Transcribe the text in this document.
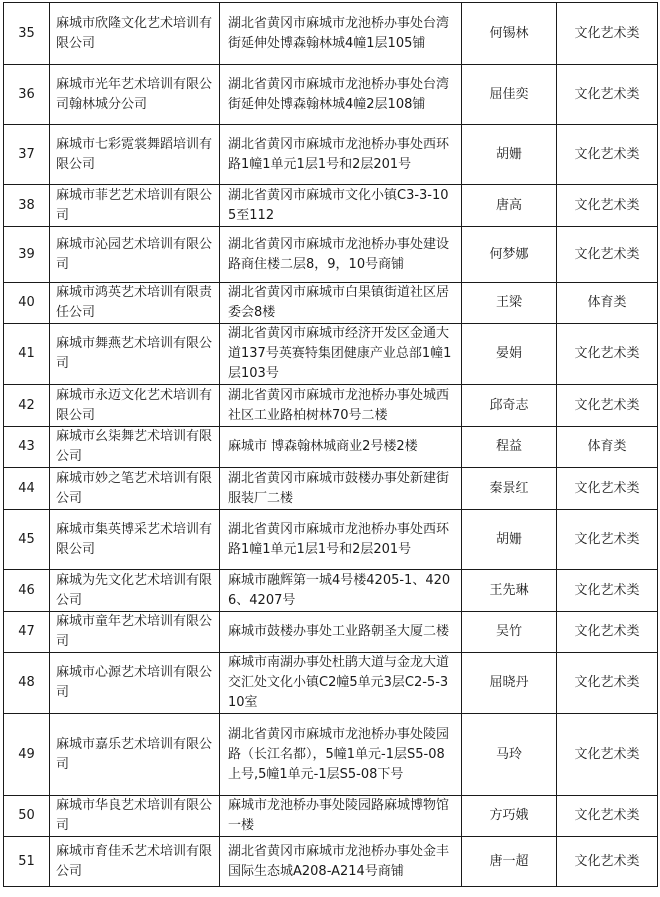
35	麻城市欣隆文化艺术培训有限公司	湖北省黄冈市麻城市龙池桥办事处台湾街延伸处博森翰林城4幢1层105铺	何锡林	文化艺术类
36	麻城市光年艺术培训有限公司翰林城分公司	湖北省黄冈市麻城市龙池桥办事处台湾街延伸处博森翰林城4幢2层108铺	屈佳奕	文化艺术类
37	麻城市七彩霓裳舞蹈培训有限公司	湖北省黄冈市麻城市龙池桥办事处西环路1幢1单元1层1号和2层201号	胡姗	文化艺术类
38	麻城市菲艺艺术培训有限公司	湖北省黄冈市麻城市文化小镇C3-3-105至112	唐高	文化艺术类
39	麻城市沁园艺术培训有限公司	湖北省黄冈市麻城市龙池桥办事处建设路商住楼二层8，9，10号商铺	何梦娜	文化艺术类
40	麻城市鸿英艺术培训有限责任公司	湖北省黄冈市麻城市白果镇街道社区居委会8楼	王梁	体育类
41	麻城市舞燕艺术培训有限公司	湖北省黄冈市麻城市经济开发区金通大道137号英赛特集团健康产业总部1幢1层103号	晏娟	文化艺术类
42	麻城市永迈文化艺术培训有限公司	湖北省黄冈市麻城市龙池桥办事处城西社区工业路柏树林70号二楼	邱奇志	文化艺术类
43	麻城市幺柒舞艺术培训有限公司	麻城市 博森翰林城商业2号楼2楼	程益	体育类
44	麻城市妙之笔艺术培训有限公司	湖北省黄冈市麻城市鼓楼办事处新建街服装厂二楼	秦景红	文化艺术类
45	麻城市集英博采艺术培训有限公司	湖北省黄冈市麻城市龙池桥办事处西环路1幢1单元1层1号和2层201号	胡姗	文化艺术类
46	麻城为先文化艺术培训有限公司	麻城市融辉第一城4号楼4205-1、4206、4207号	王先琳	文化艺术类
47	麻城市童年艺术培训有限公司	麻城市鼓楼办事处工业路朝圣大厦二楼	吴竹	文化艺术类
48	麻城市心源艺术培训有限公司	麻城市南湖办事处杜鹃大道与金龙大道交汇处文化小镇C2幢5单元3层C2-5-310室	屈晓丹	文化艺术类
49	麻城市嘉乐艺术培训有限公司	湖北省黄冈市麻城市龙池桥办事处陵园路（长江名都），5幢1单元-1层S5-08上号,5幢1单元-1层S5-08下号	马玲	文化艺术类
50	麻城市华良艺术培训有限公司	麻城市龙池桥办事处陵园路麻城博物馆一楼	方巧娥	文化艺术类
51	麻城市育佳禾艺术培训有限公司	湖北省黄冈市麻城市龙池桥办事处金丰国际生态城A208-A214号商铺	唐一超	文化艺术类
